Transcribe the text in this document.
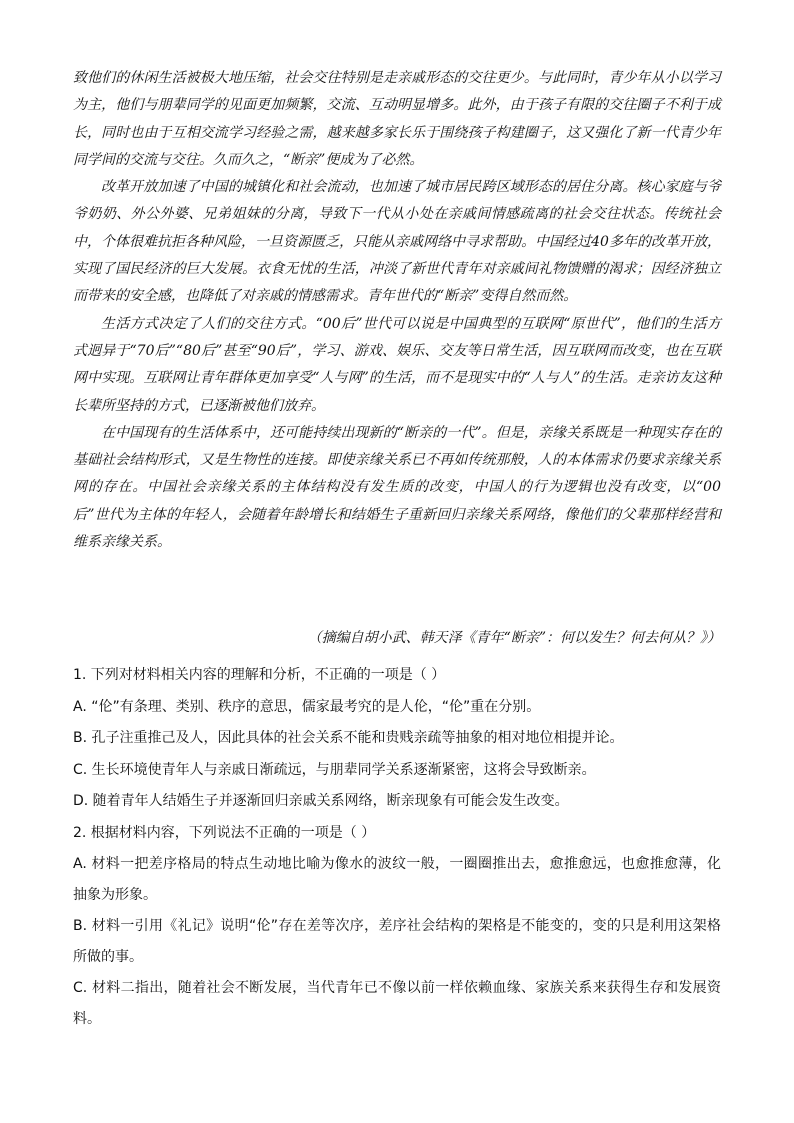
致他们的休闲生活被极大地压缩，社会交往特别是走亲戚形态的交往更少。与此同时，青少年从小以学习为主，他们与朋辈同学的见面更加频繁，交流、互动明显增多。此外，由于孩子有限的交往圈子不利于成长，同时也由于互相交流学习经验之需，越来越多家长乐于围绕孩子构建圈子，这又强化了新一代青少年同学间的交流与交往。久而久之，“断亲”便成为了必然。

改革开放加速了中国的城镇化和社会流动，也加速了城市居民跨区域形态的居住分离。核心家庭与爷爷奶奶、外公外婆、兄弟姐妹的分离，导致下一代从小处在亲戚间情感疏离的社会交往状态。传统社会中，个体很难抗拒各种风险，一旦资源匮乏，只能从亲戚网络中寻求帮助。中国经过40多年的改革开放，实现了国民经济的巨大发展。衣食无忧的生活，冲淡了新世代青年对亲戚间礼物馈赠的渴求；因经济独立而带来的安全感，也降低了对亲戚的情感需求。青年世代的“断亲”变得自然而然。

生活方式决定了人们的交往方式。“00后”世代可以说是中国典型的互联网“原世代”，他们的生活方式迥异于“70后”“80后”甚至“90后”，学习、游戏、娱乐、交友等日常生活，因互联网而改变，也在互联网中实现。互联网让青年群体更加享受“人与网”的生活，而不是现实中的“人与人”的生活。走亲访友这种长辈所坚持的方式，已逐渐被他们放弃。

在中国现有的生活体系中，还可能持续出现新的“断亲的一代”。但是，亲缘关系既是一种现实存在的基础社会结构形式，又是生物性的连接。即使亲缘关系已不再如传统那般，人的本体需求仍要求亲缘关系网的存在。中国社会亲缘关系的主体结构没有发生质的改变，中国人的行为逻辑也没有改变，以“00后”世代为主体的年轻人，会随着年龄增长和结婚生子重新回归亲缘关系网络，像他们的父辈那样经营和维系亲缘关系。

（摘编自胡小武、韩天泽《青年“断亲”：何以发生？何去何从？》）

1. 下列对材料相关内容的理解和分析，不正确的一项是（ ）

A. “伦”有条理、类别、秩序的意思，儒家最考究的是人伦，“伦”重在分别。

B. 孔子注重推己及人，因此具体的社会关系不能和贵贱亲疏等抽象的相对地位相提并论。

C. 生长环境使青年人与亲戚日渐疏远，与朋辈同学关系逐渐紧密，这将会导致断亲。

D. 随着青年人结婚生子并逐渐回归亲戚关系网络，断亲现象有可能会发生改变。

2. 根据材料内容，下列说法不正确的一项是（ ）

A. 材料一把差序格局的特点生动地比喻为像水的波纹一般，一圈圈推出去，愈推愈远，也愈推愈薄，化抽象为形象。

B. 材料一引用《礼记》说明“伦”存在差等次序，差序社会结构的架格是不能变的，变的只是利用这架格所做的事。

C. 材料二指出，随着社会不断发展，当代青年已不像以前一样依赖血缘、家族关系来获得生存和发展资料。
